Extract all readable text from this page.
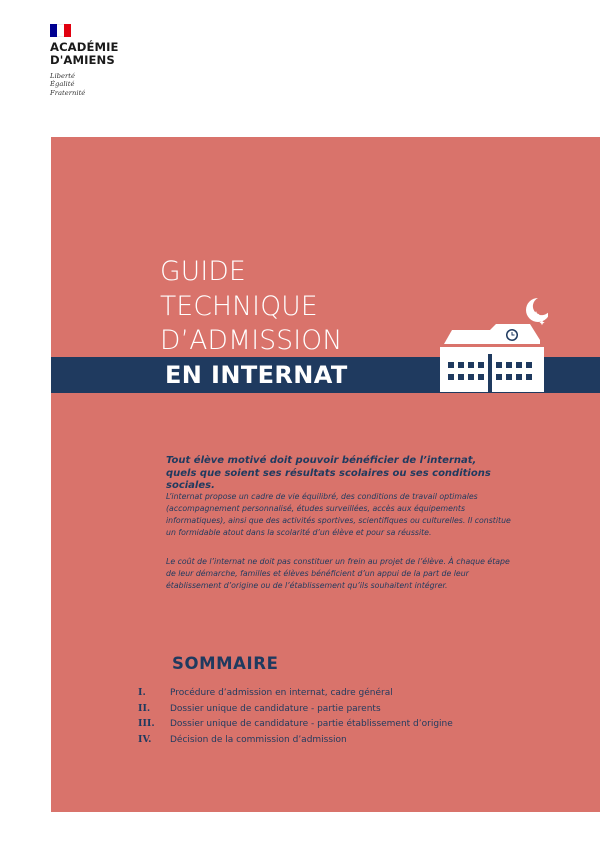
ACADÉMIE
D'AMIENS
Liberté
Égalité
Fraternité
GUIDE
TECHNIQUE
D’ADMISSION
EN INTERNAT

Tout élève motivé doit pouvoir bénéficier de l’internat, quels que soient ses résultats scolaires ou ses conditions sociales.

L’internat propose un cadre de vie équilibré, des conditions de travail optimales (accompagnement personnalisé, études surveillées, accès aux équipements informatiques), ainsi que des activités sportives, scientifiques ou culturelles. Il constitue un formidable atout dans la scolarité d’un élève et pour sa réussite.

Le coût de l’internat ne doit pas constituer un frein au projet de l’élève. À chaque étape de leur démarche, familles et élèves bénéficient d’un appui de la part de leur établissement d’origine ou de l’établissement qu’ils souhaitent intégrer.

SOMMAIRE
I.	Procédure d’admission en internat, cadre général
II.	Dossier unique de candidature - partie parents
III.	Dossier unique de candidature - partie établissement d’origine
IV.	Décision de la commission d’admission
